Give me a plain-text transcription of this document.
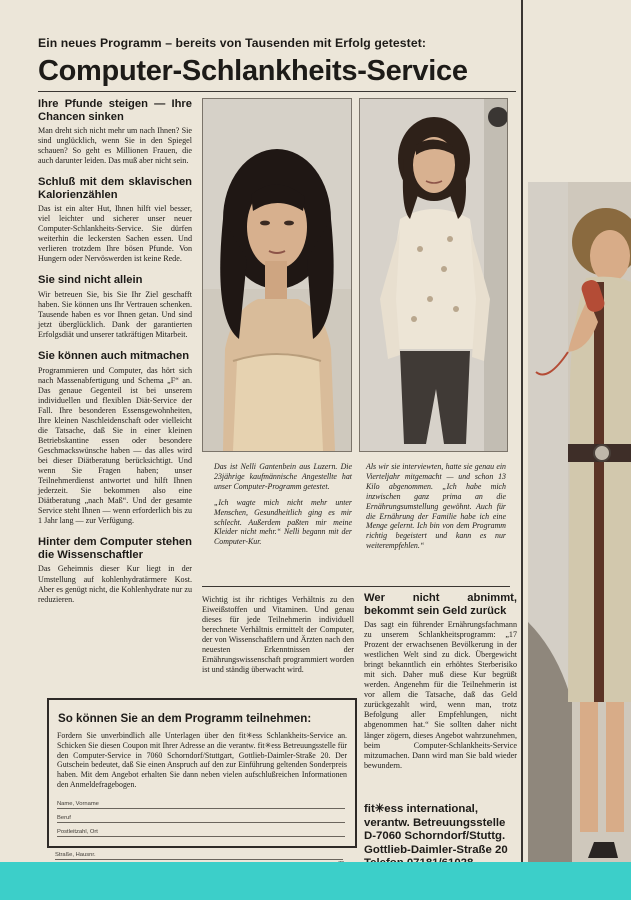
Ein neues Programm – bereits von Tausenden mit Erfolg getestet:
Computer-Schlankheits-Service
Ihre Pfunde steigen — Ihre Chancen sinken

Man dreht sich nicht mehr um nach Ihnen? Sie sind unglücklich, wenn Sie in den Spiegel schauen? So geht es Millionen Frauen, die auch darunter leiden. Das muß aber nicht sein.

Schluß mit dem sklavischen Kalorienzählen

Das ist ein alter Hut, Ihnen hilft viel besser, viel leichter und sicherer unser neuer Computer-Schlankheits-Service. Sie dürfen weiterhin die leckersten Sachen essen. Und verlieren trotzdem Ihre bösen Pfunde. Von Hungern oder Nervöswerden ist keine Rede.

Sie sind nicht allein

Wir betreuen Sie, bis Sie Ihr Ziel geschafft haben. Sie können uns Ihr Vertrauen schenken. Tausende haben es vor Ihnen getan. Und sind jetzt überglücklich. Dank der garantierten Erfolgsdiät und unserer tatkräftigen Mitarbeit.

Sie können auch mitmachen

Programmieren und Computer, das hört sich nach Massenabfertigung und Schema „F“ an. Das genaue Gegenteil ist bei unserem individuellen und flexiblen Diät-Service der Fall. Ihre besonderen Essensgewohnheiten, Ihre kleinen Naschleidenschaft oder vielleicht die Tatsache, daß Sie in einer kleinen Betriebskantine essen oder besondere Geschmackswünsche haben — das alles wird bei dieser Diätberatung berücksichtigt. Und wenn Sie Fragen haben; unser Teilnehmerdienst antwortet und hilft Ihnen jederzeit. Sie bekommen also eine Diätberatung „nach Maß“. Und der gesamte Service steht Ihnen — wenn erforderlich bis zu 1 Jahr lang — zur Verfügung.

Hinter dem Computer stehen die Wissenschaftler

Das Geheimnis dieser Kur liegt in der Umstellung auf kohlenhydratärmere Kost. Aber es genügt nicht, die Kohlenhydrate nur zu reduzieren.

Das ist Nelli Gantenbein aus Luzern. Die 23jährige kaufmännische Angestellte hat unser Computer-Programm getestet.

„Ich wagte mich nicht mehr unter Menschen, Gesundheitlich ging es mir schlecht. Außerdem paßten mir meine Kleider nicht mehr.“ Nelli begann mit der Computer-Kur.

Als wir sie interviewten, hatte sie genau ein Vierteljahr mitgemacht — und schon 13 Kilo abgenommen. „Ich habe mich inzwischen ganz prima an die Ernährungsumstellung gewöhnt. Auch für die Ernährung der Familie habe ich eine Menge gelernt. Ich bin von dem Programm richtig begeistert und kann es nur weiterempfehlen.“

Wichtig ist ihr richtiges Verhältnis zu den Eiweißstoffen und Vitaminen. Und genau dieses für jede Teilnehmerin individuell berechnete Verhältnis ermittelt der Computer, der von Wissenschaftlern und Ärzten nach den neuesten Erkenntnissen der Ernährungswissenschaft programmiert worden ist und ständig überwacht wird.

Wer nicht abnimmt, bekommt sein Geld zurück

Das sagt ein führender Ernährungsfachmann zu unserem Schlankheitsprogramm: „17 Prozent der erwachsenen Bevölkerung in der westlichen Welt sind zu dick. Übergewicht bringt bekanntlich ein erhöhtes Sterberisiko mit sich. Daher muß diese Kur begrüßt werden. Angenehm für die Teilnehmerin ist vor allem die Tatsache, daß das Geld zurückgezahlt wird, wenn man, trotz Befolgung aller Empfehlungen, nicht abgenommen hat.“ Sie sollten daher nicht länger zögern, dieses Angebot wahrzunehmen, beim Computer-Schlankheits-Service mitzumachen. Dann wird man Sie bald wieder bewundern.

So können Sie an dem Programm teilnehmen:
Fordern Sie unverbindlich alle Unterlagen über den fit✳ess Schlankheits-Service an. Schicken Sie diesen Coupon mit Ihrer Adresse an die verantw. fit✳ess Betreuungsstelle für den Computer-Service in 7060 Schorndorf/Stuttgart, Gottlieb-Daimler-Straße 20. Der Gutschein bedeutet, daß Sie einen Anspruch auf den zur Einführung geltenden Sonderpreis haben. Mit dem Angebot erhalten Sie dann neben vielen aufschlußreichen Informationen den Anmeldefragebogen.
Name, Vorname
Beruf
Postleitzahl, Ort
Straße, Hausnr.
fit✳ess international,
verantw. Betreuungsstelle
D-7060 Schorndorf/Stuttg.
Gottlieb-Daimler-Straße 20
